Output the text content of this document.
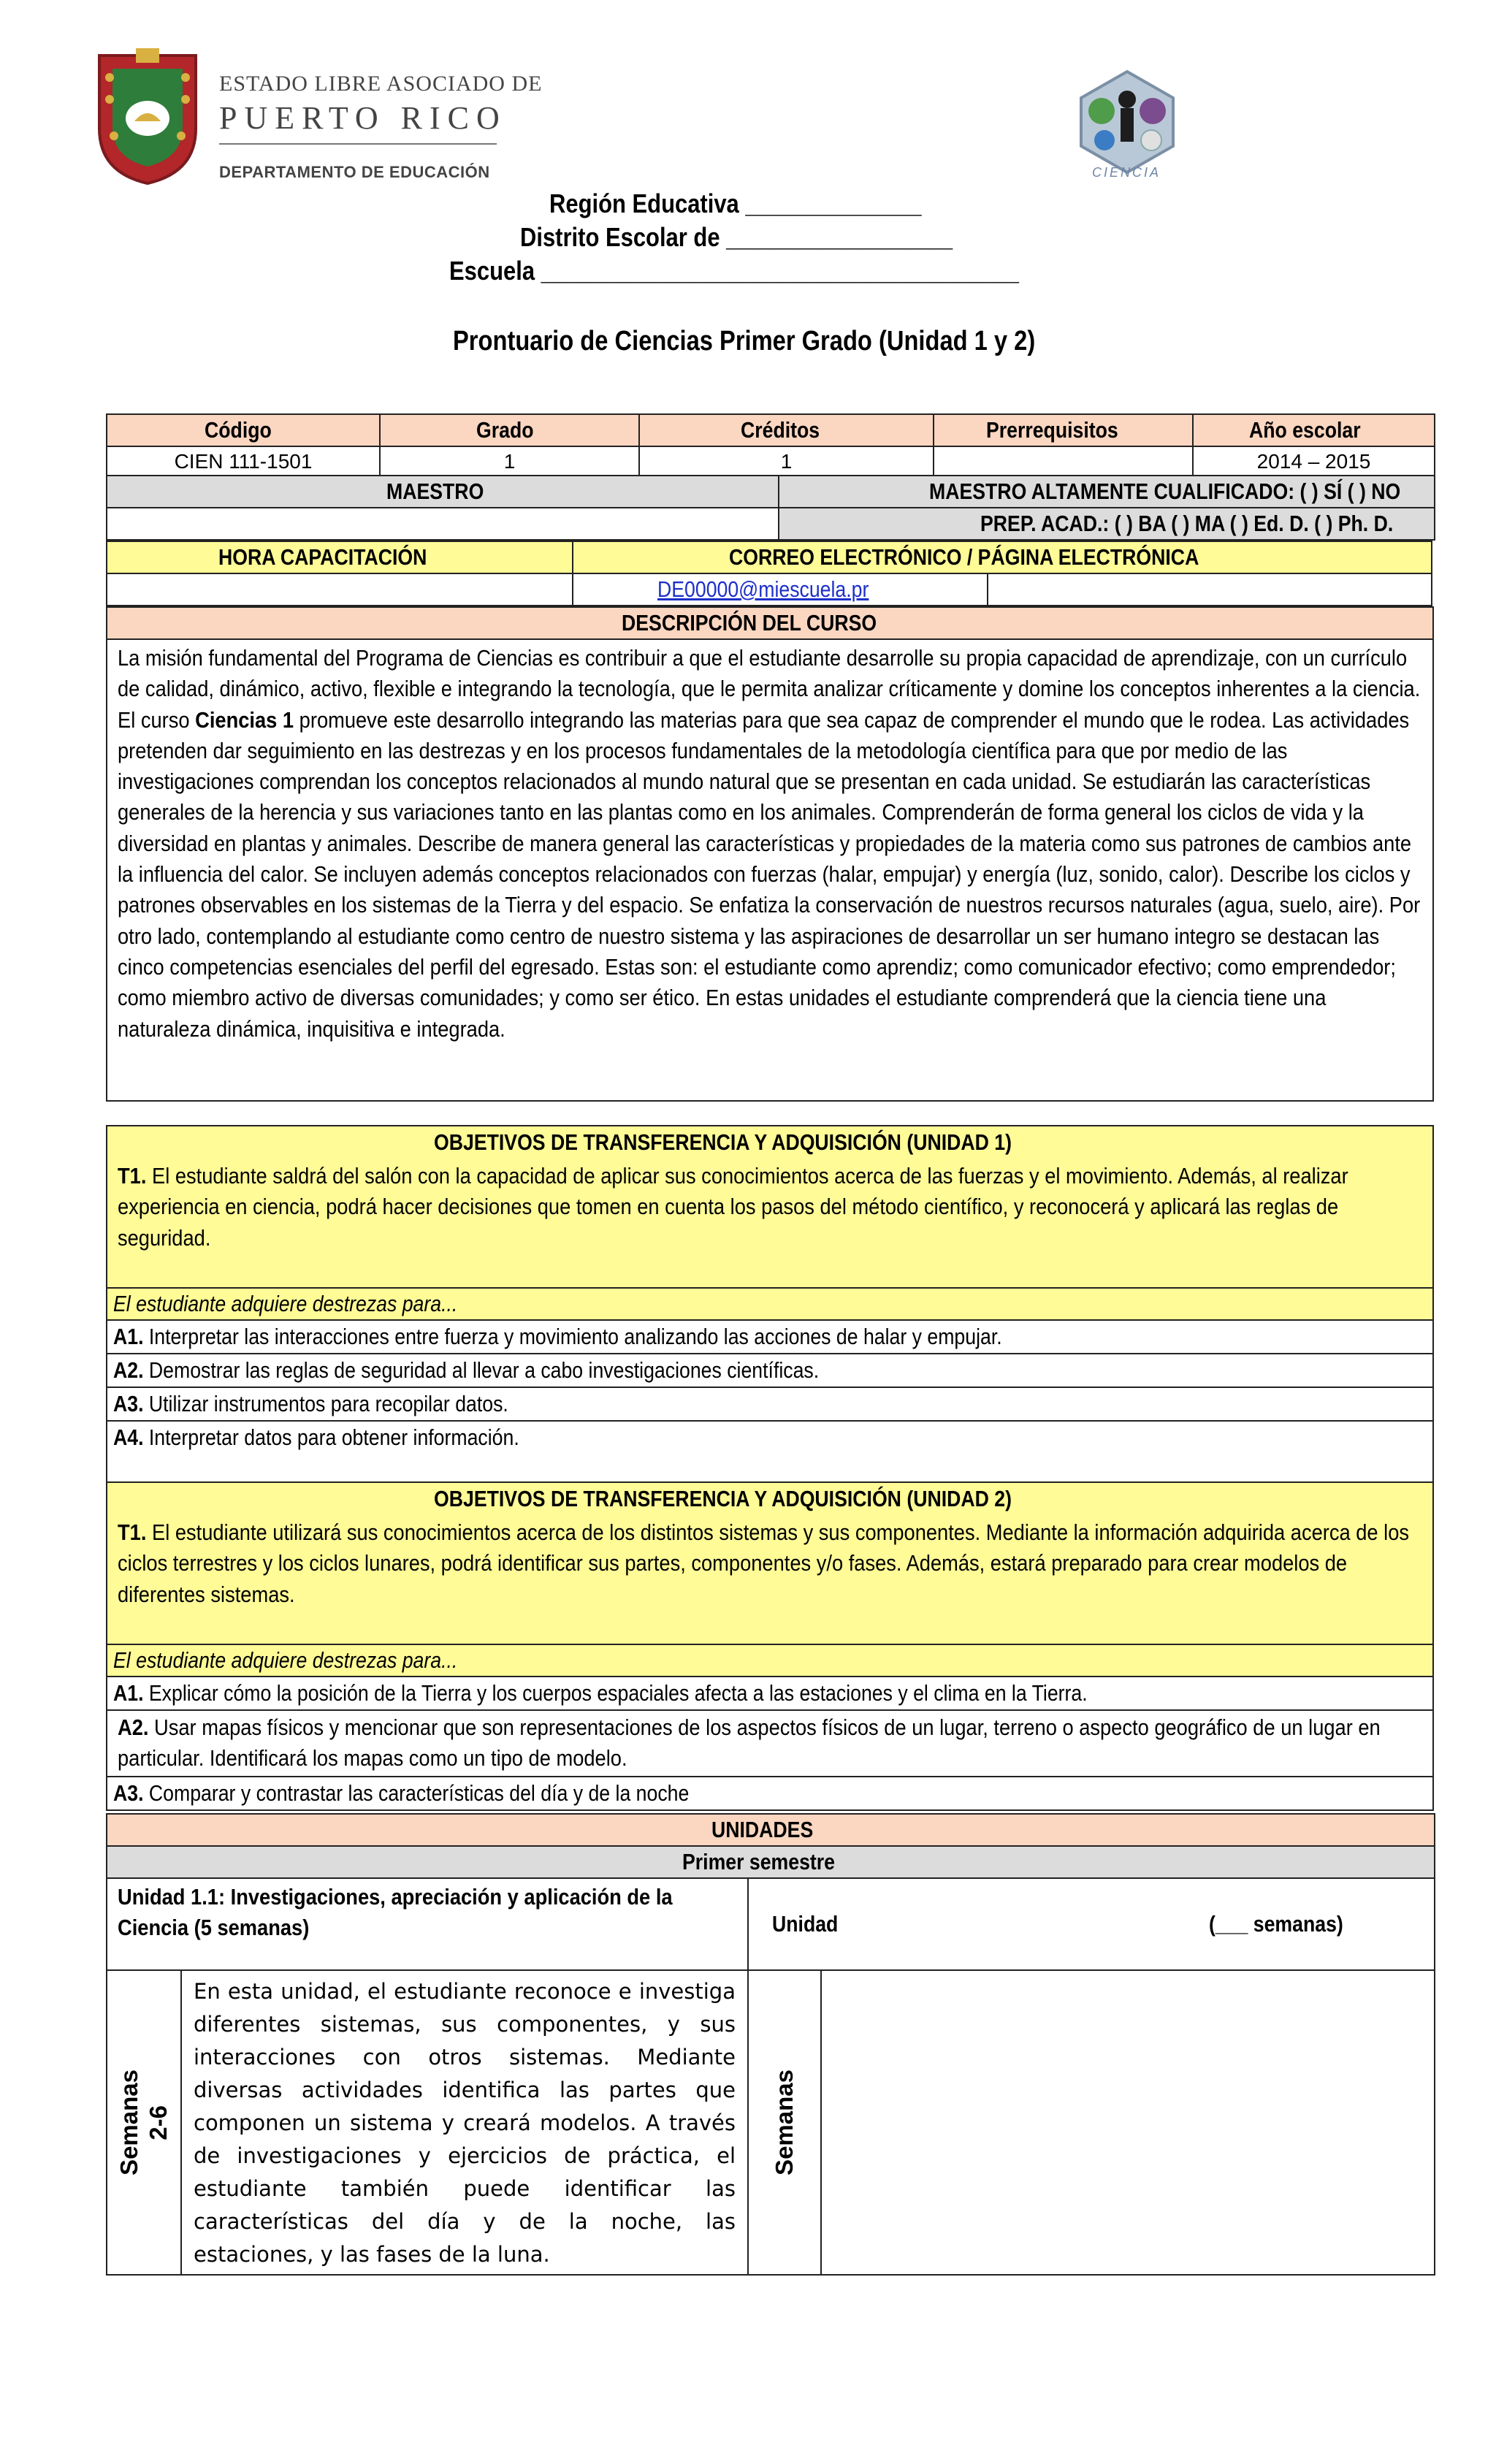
ESTADO LIBRE ASOCIADO DE
PUERTO RICO
DEPARTAMENTO DE EDUCACIÓN	CIENCIA
Región Educativa ______________
Distrito Escolar de __________________
Escuela ______________________________________
Prontuario de Ciencias Primer Grado (Unidad 1 y 2)
Código	Grado	Créditos	Prerrequisitos	Año escolar
CIEN 111-1501	1	1		2014 – 2015
MAESTRO	MAESTRO ALTAMENTE CUALIFICADO: ( ) SÍ ( ) NO
	PREP. ACAD.: ( ) BA ( ) MA ( ) Ed. D. ( ) Ph. D.
HORA CAPACITACIÓN	CORREO ELECTRÓNICO / PÁGINA ELECTRÓNICA	
	DE00000@miescuela.pr	
DESCRIPCIÓN DEL CURSO
La misión fundamental del Programa de Ciencias es contribuir a que el estudiante desarrolle su propia capacidad de aprendizaje, con un currículo de calidad, dinámico, activo, flexible e integrando la tecnología, que le permita analizar críticamente y domine los conceptos inherentes a la ciencia. El curso Ciencias 1 promueve este desarrollo integrando las materias para que sea capaz de comprender el mundo que le rodea. Las actividades pretenden dar seguimiento en las destrezas y en los procesos fundamentales de la metodología científica para que por medio de las investigaciones comprendan los conceptos relacionados al mundo natural que se presentan en cada unidad. Se estudiarán las características generales de la herencia y sus variaciones tanto en las plantas como en los animales. Comprenderán de forma general los ciclos de vida y la diversidad en plantas y animales. Describe de manera general las características y propiedades de la materia como sus patrones de cambios ante la influencia del calor. Se incluyen además conceptos relacionados con fuerzas (halar, empujar) y energía (luz, sonido, calor). Describe los ciclos y patrones observables en los sistemas de la Tierra y del espacio. Se enfatiza la conservación de nuestros recursos naturales (agua, suelo, aire). Por otro lado, contemplando al estudiante como centro de nuestro sistema y las aspiraciones de desarrollar un ser humano integro se destacan las cinco competencias esenciales del perfil del egresado. Estas son: el estudiante como aprendiz; como comunicador efectivo; como emprendedor; como miembro activo de diversas comunidades; y como ser ético. En estas unidades el estudiante comprenderá que la ciencia tiene una naturaleza dinámica, inquisitiva e integrada.
OBJETIVOS DE TRANSFERENCIA Y ADQUISICIÓN (UNIDAD 1)
T1. El estudiante saldrá del salón con la capacidad de aplicar sus conocimientos acerca de las fuerzas y el movimiento. Además, al realizar experiencia en ciencia, podrá hacer decisiones que tomen en cuenta los pasos del método científico, y reconocerá y aplicará las reglas de seguridad.
El estudiante adquiere destrezas para...
A1. Interpretar las interacciones entre fuerza y movimiento analizando las acciones de halar y empujar.
A2. Demostrar las reglas de seguridad al llevar a cabo investigaciones científicas.
A3. Utilizar instrumentos para recopilar datos.
A4. Interpretar datos para obtener información.
OBJETIVOS DE TRANSFERENCIA Y ADQUISICIÓN (UNIDAD 2)
T1. El estudiante utilizará sus conocimientos acerca de los distintos sistemas y sus componentes. Mediante la información adquirida acerca de los ciclos terrestres y los ciclos lunares, podrá identificar sus partes, componentes y/o fases. Además, estará preparado para crear modelos de diferentes sistemas.
El estudiante adquiere destrezas para...
A1. Explicar cómo la posición de la Tierra y los cuerpos espaciales afecta a las estaciones y el clima en la Tierra.
A2. Usar mapas físicos y mencionar que son representaciones de los aspectos físicos de un lugar, terreno o aspecto geográfico de un lugar en particular. Identificará los mapas como un tipo de modelo.
A3. Comparar y contrastar las características del día y de la noche
UNIDADES			
Primer semestre			
Unidad 1.1: Investigaciones, apreciación y aplicación de la Ciencia (5 semanas)		Unidad (___ semanas)	

Semanas 2-6	En esta unidad, el estudiante reconoce e investiga diferentes sistemas, sus componentes, y sus interacciones con otros sistemas. Mediante diversas actividades identifica las partes que componen un sistema y creará modelos. A través de investigaciones y ejercicios de práctica, el estudiante también puede identificar las características del día y de la noche, las estaciones, y las fases de la luna.	Semanas	
